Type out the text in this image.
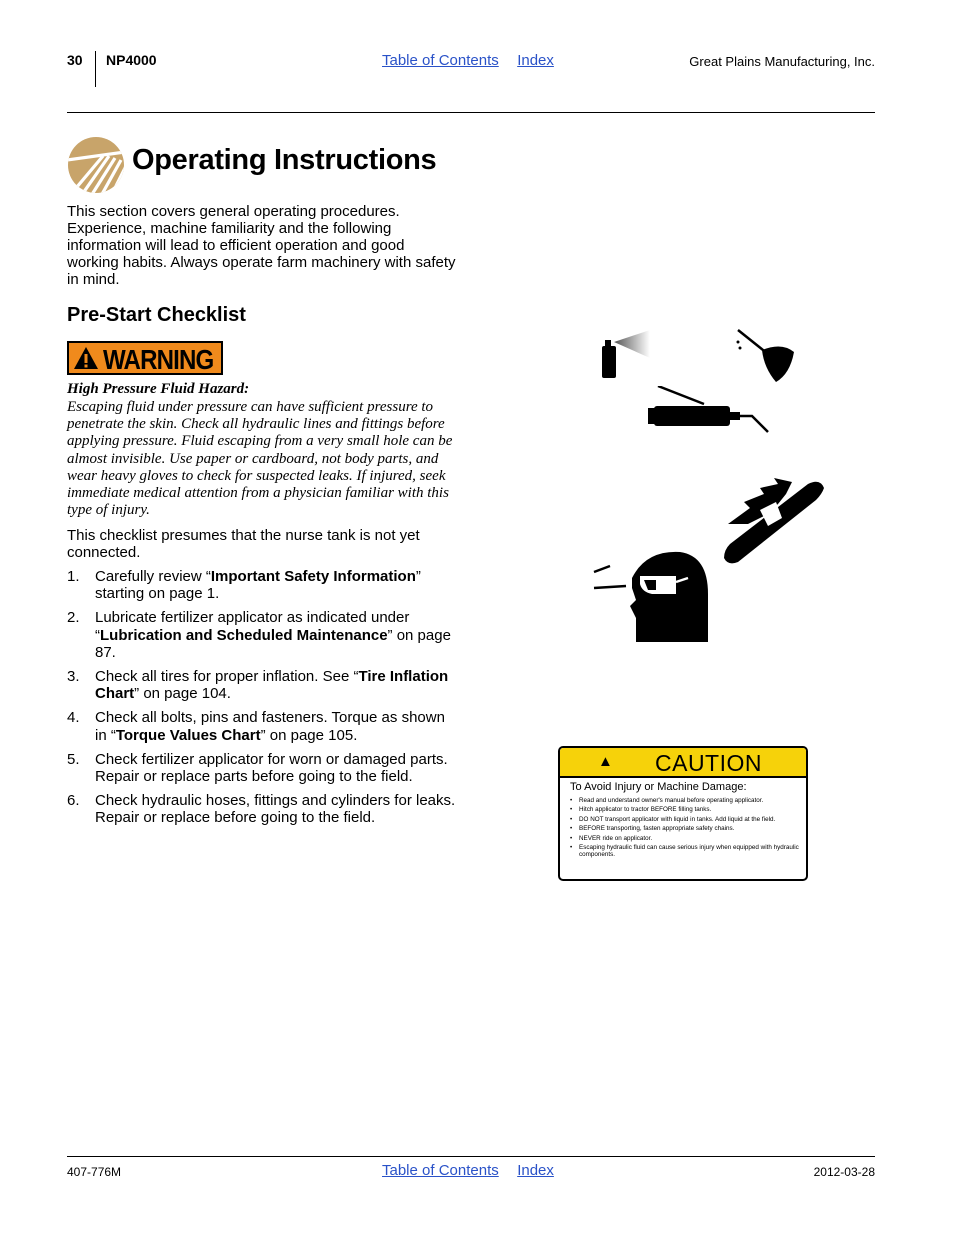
30 NP4000	Table of Contents Index	Great Plains Manufacturing, Inc.
Operating Instructions
This section covers general operating procedures. Experience, machine familiarity and the following information will lead to efficient operation and good working habits. Always operate farm machinery with safety in mind.
Pre-Start Checklist
WARNING
High Pressure Fluid Hazard:
Escaping fluid under pressure can have sufficient pressure to penetrate the skin. Check all hydraulic lines and fittings before applying pressure. Fluid escaping from a very small hole can be almost invisible. Use paper or cardboard, not body parts, and wear heavy gloves to check for suspected leaks. If injured, seek immediate medical attention from a physician familiar with this type of injury.
This checklist presumes that the nurse tank is not yet connected.
1. Carefully review “Important Safety Information” starting on page 1.
2. Lubricate fertilizer applicator as indicated under “Lubrication and Scheduled Maintenance” on page 87.
3. Check all tires for proper inflation. See “Tire Inflation Chart” on page 104.
4. Check all bolts, pins and fasteners. Torque as shown in “Torque Values Chart” on page 105.
5. Check fertilizer applicator for worn or damaged parts. Repair or replace parts before going to the field.
6. Check hydraulic hoses, fittings and cylinders for leaks. Repair or replace before going to the field.
▲ CAUTION
To Avoid Injury or Machine Damage:
• Read and understand owner's manual before operating applicator.
• Hitch applicator to tractor BEFORE filling tanks.
• DO NOT transport applicator with liquid in tanks. Add liquid at the field.
• BEFORE transporting, fasten appropriate safety chains.
• NEVER ride on applicator.
• Escaping hydraulic fluid can cause serious injury when equipped with hydraulic components.
407-776M	Table of Contents Index	2012-03-28
